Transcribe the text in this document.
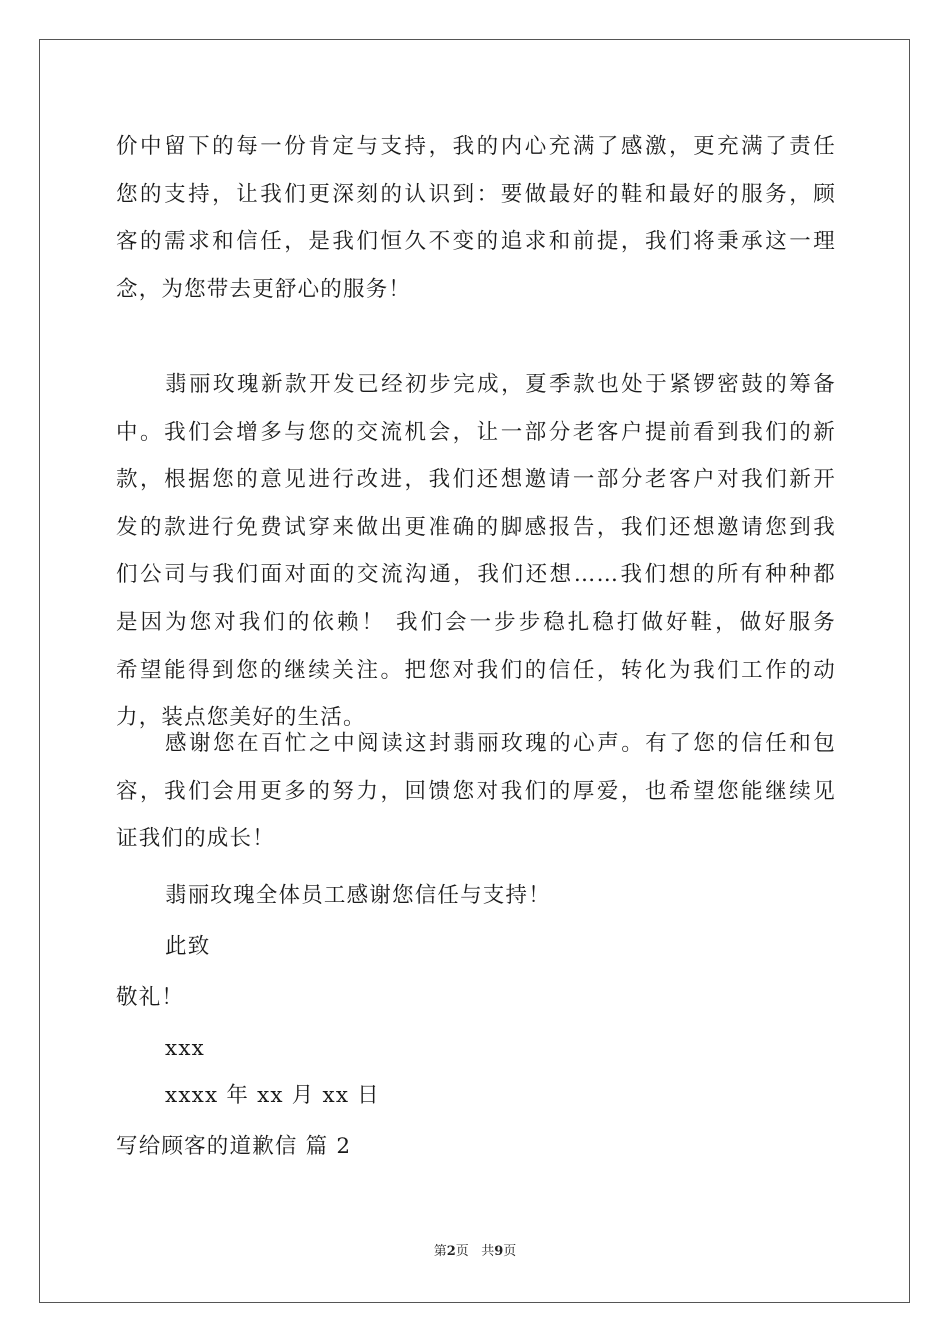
价中留下的每一份肯定与支持，我的内心充满了感激，更充满了责任
您的支持，让我们更深刻的认识到：要做最好的鞋和最好的服务，顾
客的需求和信任，是我们恒久不变的追求和前提，我们将秉承这一理
念，为您带去更舒心的服务！
翡丽玫瑰新款开发已经初步完成，夏季款也处于紧锣密鼓的筹备
中。我们会增多与您的交流机会，让一部分老客户提前看到我们的新
款，根据您的意见进行改进，我们还想邀请一部分老客户对我们新开
发的款进行免费试穿来做出更准确的脚感报告，我们还想邀请您到我
们公司与我们面对面的交流沟通，我们还想……我们想的所有种种都
是因为您对我们的依赖！ 我们会一步步稳扎稳打做好鞋，做好服务
希望能得到您的继续关注。把您对我们的信任，转化为我们工作的动
力，装点您美好的生活。
感谢您在百忙之中阅读这封翡丽玫瑰的心声。有了您的信任和包
容，我们会用更多的努力，回馈您对我们的厚爱，也希望您能继续见
证我们的成长！
翡丽玫瑰全体员工感谢您信任与支持！
此致
敬礼！
xxx
xxxx 年 xx 月 xx 日
写给顾客的道歉信 篇 2
第2页 共9页
